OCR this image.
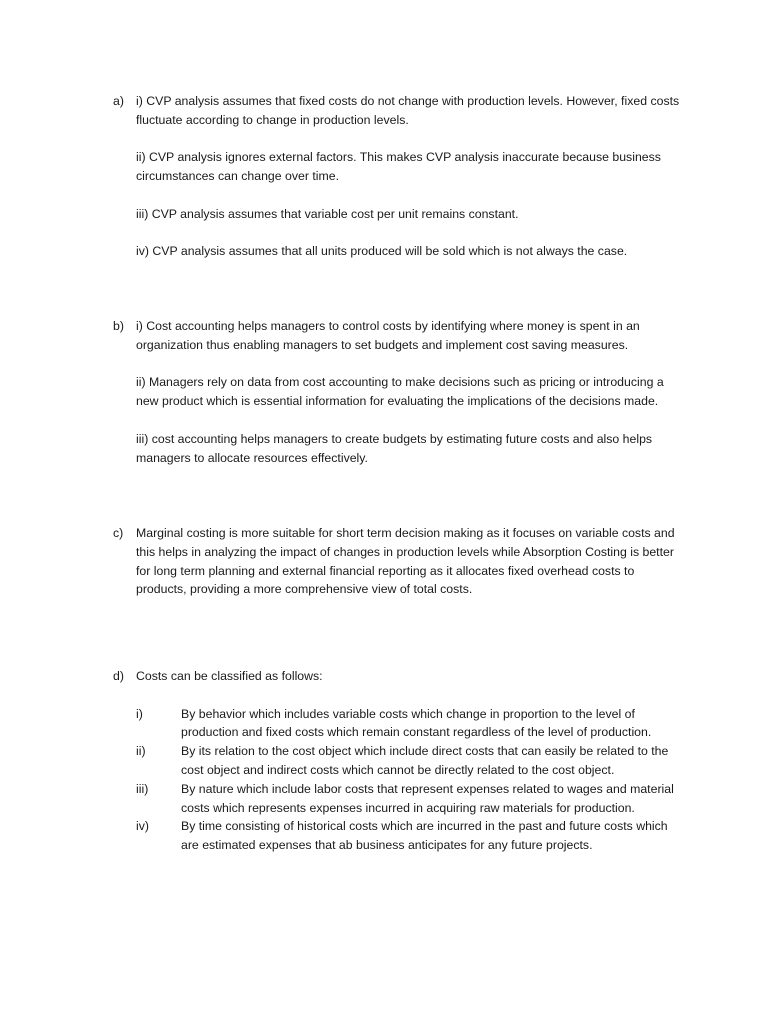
a) i) CVP analysis assumes that fixed costs do not change with production levels. However, fixed costs fluctuate according to change in production levels.

ii) CVP analysis ignores external factors. This makes CVP analysis inaccurate because business circumstances can change over time.

iii) CVP analysis assumes that variable cost per unit remains constant.

iv) CVP analysis assumes that all units produced will be sold which is not always the case.

b) i) Cost accounting helps managers to control costs by identifying where money is spent in an organization thus enabling managers to set budgets and implement cost saving measures.

ii) Managers rely on data from cost accounting to make decisions such as pricing or introducing a new product which is essential information for evaluating the implications of the decisions made.

iii) cost accounting helps managers to create budgets by estimating future costs and also helps managers to allocate resources effectively.

c)	Marginal costing is more suitable for short term decision making as it focuses on variable costs and this helps in analyzing the impact of changes in production levels while Absorption Costing is better for long term planning and external financial reporting as it allocates fixed overhead costs to products, providing a more comprehensive view of total costs.

d) Costs can be classified as follows:

i)	By behavior which includes variable costs which change in proportion to the level of production and fixed costs which remain constant regardless of the level of production.
ii)	By its relation to the cost object which include direct costs that can easily be related to the cost object and indirect costs which cannot be directly related to the cost object.
iii)	By nature which include labor costs that represent expenses related to wages and material costs which represents expenses incurred in acquiring raw materials for production.
iv)	By time consisting of historical costs which are incurred in the past and future costs which are estimated expenses that ab business anticipates for any future projects.
